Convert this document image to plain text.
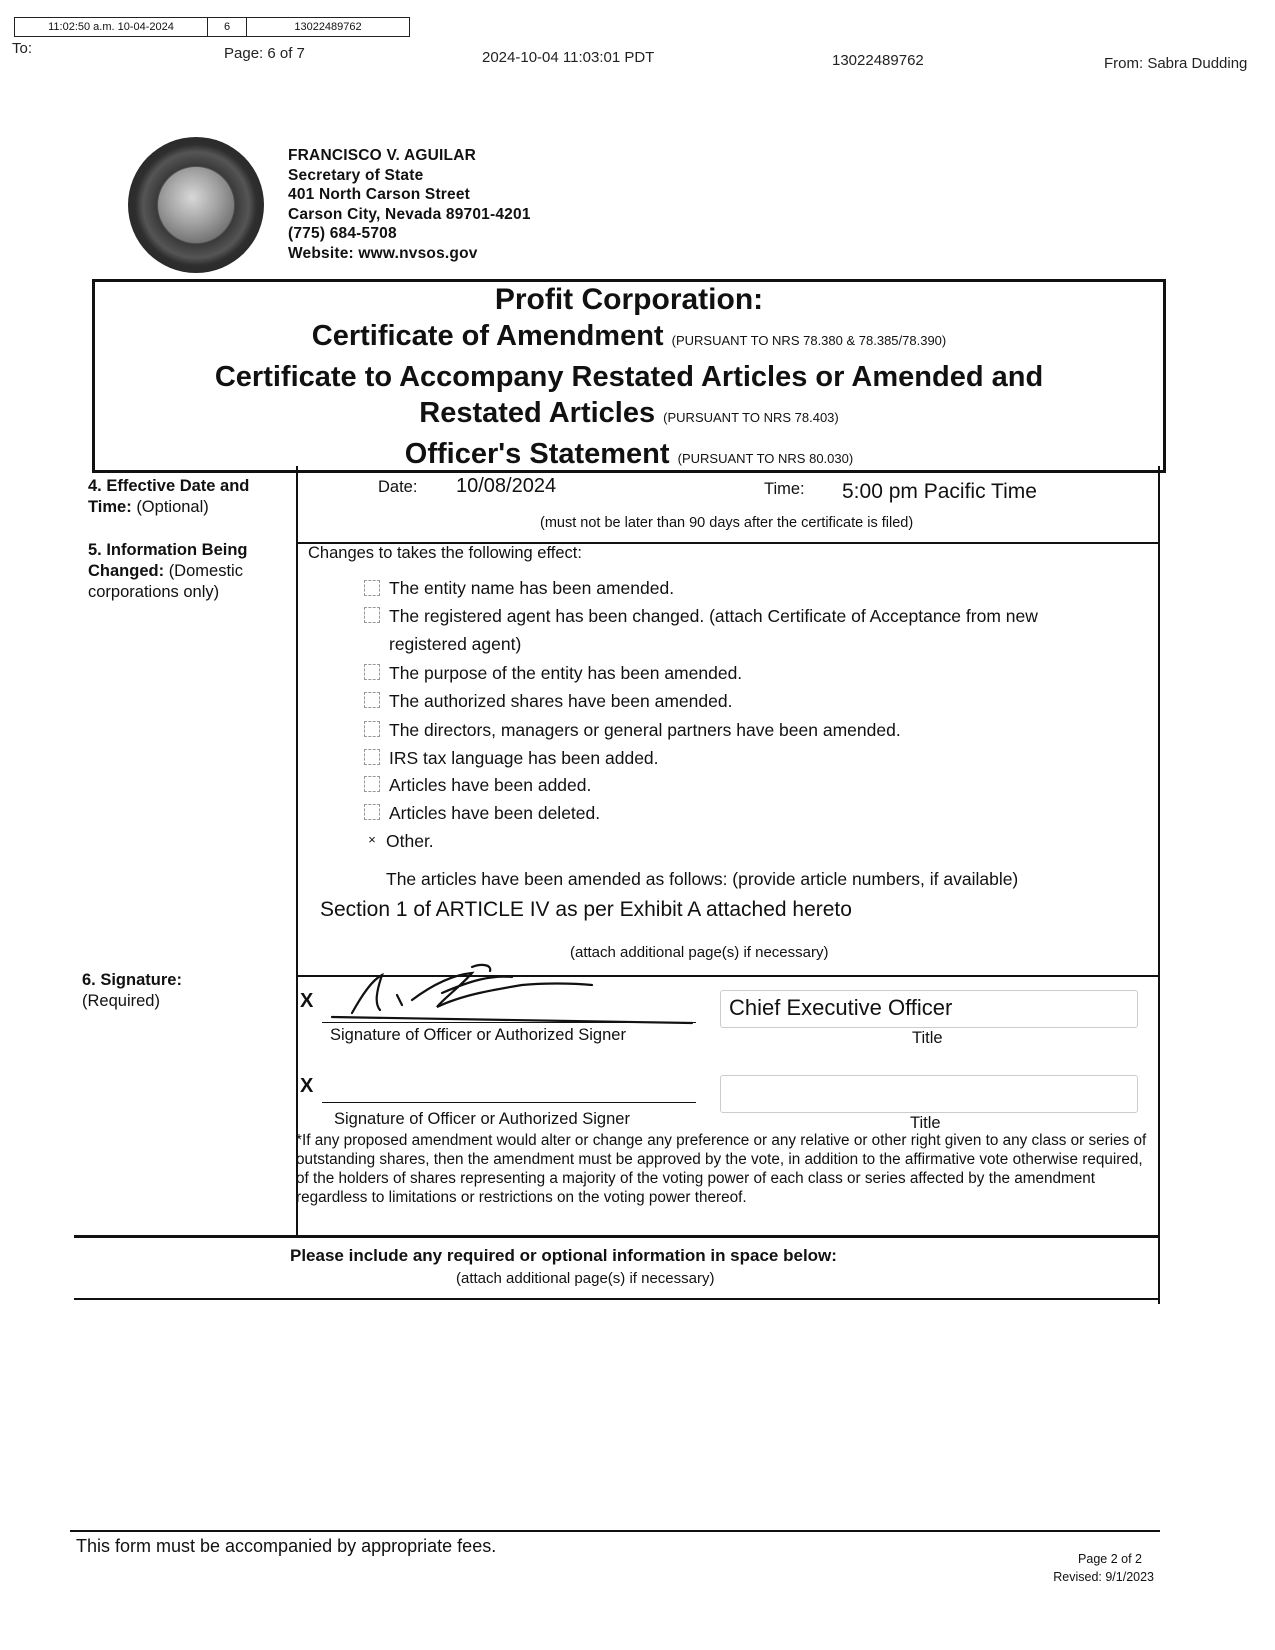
11:02:50 a.m. 10-04-2024	6	13022489762
To:	Page: 6 of 7	2024-10-04 11:03:01 PDT	13022489762	From: Sabra Dudding
FRANCISCO V. AGUILAR
Secretary of State
401 North Carson Street
Carson City, Nevada 89701-4201
(775) 684-5708
Website: www.nvsos.gov
Profit Corporation:
Certificate of Amendment (PURSUANT TO NRS 78.380 & 78.385/78.390)
Certificate to Accompany Restated Articles or Amended and
Restated Articles (PURSUANT TO NRS 78.403)
Officer's Statement (PURSUANT TO NRS 80.030)
4. Effective Date and
Time: (Optional)
Date: 10/08/2024	Time: 5:00 pm Pacific Time
(must not be later than 90 days after the certificate is filed)
5. Information Being
Changed: (Domestic
corporations only)
Changes to takes the following effect:
The entity name has been amended.
The registered agent has been changed. (attach Certificate of Acceptance from new
registered agent)
The purpose of the entity has been amended.
The authorized shares have been amended.
The directors, managers or general partners have been amended.
IRS tax language has been added.
Articles have been added.
Articles have been deleted.
× Other.
The articles have been amended as follows: (provide article numbers, if available)
Section 1 of ARTICLE IV as per Exhibit A attached hereto
(attach additional page(s) if necessary)
6. Signature:
(Required)	X
Signature of Officer or Authorized Signer
Chief Executive Officer
Title
X
Signature of Officer or Authorized Signer	Title
*If any proposed amendment would alter or change any preference or any relative or other right given to any class or series of outstanding shares, then the amendment must be approved by the vote, in addition to the affirmative vote otherwise required, of the holders of shares representing a majority of the voting power of each class or series affected by the amendment regardless to limitations or restrictions on the voting power thereof.
Please include any required or optional information in space below:
(attach additional page(s) if necessary)
This form must be accompanied by appropriate fees.
Page 2 of 2
Revised: 9/1/2023
